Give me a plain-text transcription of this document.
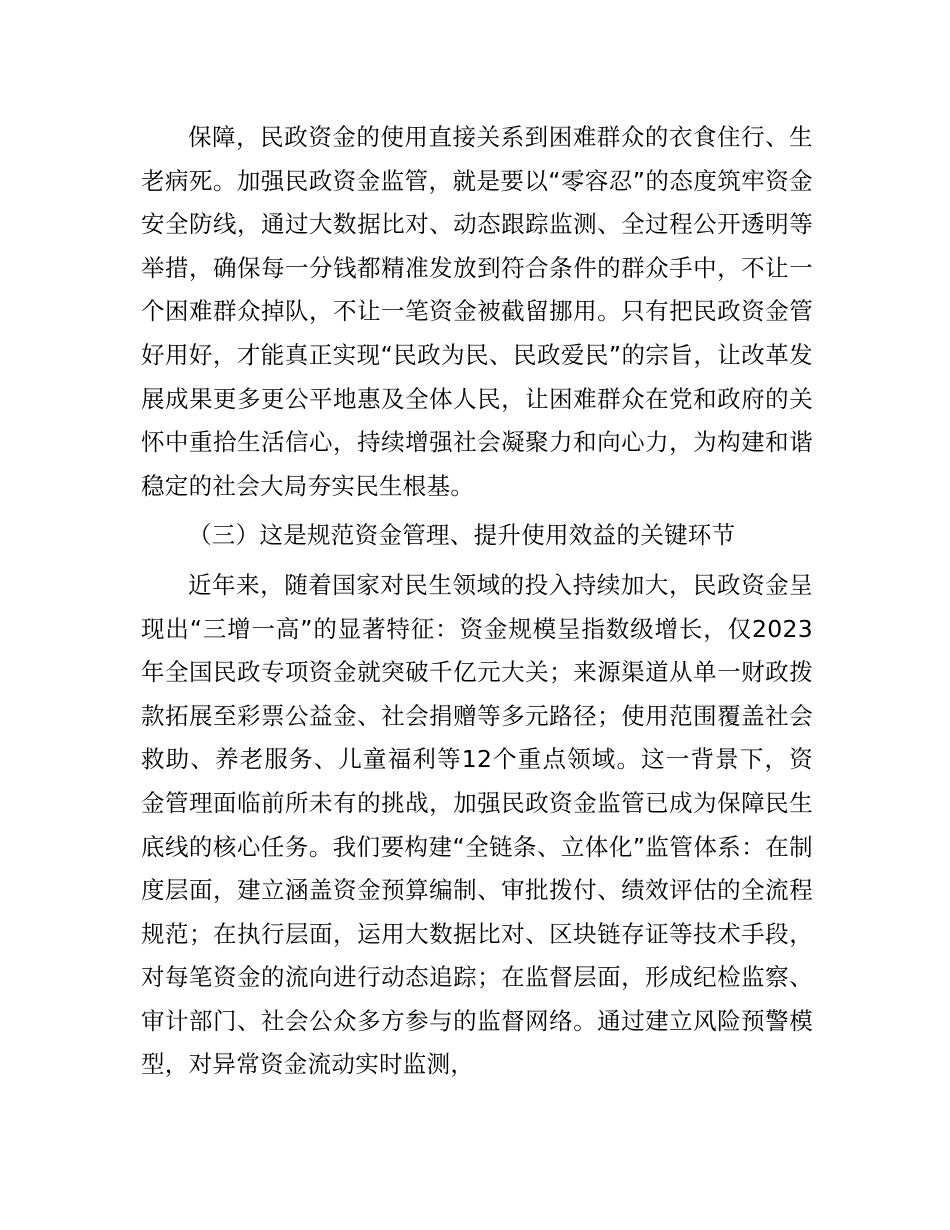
保障，民政资金的使用直接关系到困难群众的衣食住行、生老病死。加强民政资金监管，就是要以“零容忍”的态度筑牢资金安全防线，通过大数据比对、动态跟踪监测、全过程公开透明等举措，确保每一分钱都精准发放到符合条件的群众手中，不让一个困难群众掉队，不让一笔资金被截留挪用。只有把民政资金管好用好，才能真正实现“民政为民、民政爱民”的宗旨，让改革发展成果更多更公平地惠及全体人民，让困难群众在党和政府的关怀中重拾生活信心，持续增强社会凝聚力和向心力，为构建和谐稳定的社会大局夯实民生根基。

（三）这是规范资金管理、提升使用效益的关键环节

近年来，随着国家对民生领域的投入持续加大，民政资金呈现出“三增一高”的显著特征：资金规模呈指数级增长，仅2023年全国民政专项资金就突破千亿元大关；来源渠道从单一财政拨款拓展至彩票公益金、社会捐赠等多元路径；使用范围覆盖社会救助、养老服务、儿童福利等12个重点领域。这一背景下，资金管理面临前所未有的挑战，加强民政资金监管已成为保障民生底线的核心任务。我们要构建“全链条、立体化”监管体系：在制度层面，建立涵盖资金预算编制、审批拨付、绩效评估的全流程规范；在执行层面，运用大数据比对、区块链存证等技术手段，对每笔资金的流向进行动态追踪；在监督层面，形成纪检监察、审计部门、社会公众多方参与的监督网络。通过建立风险预警模型，对异常资金流动实时监测，
